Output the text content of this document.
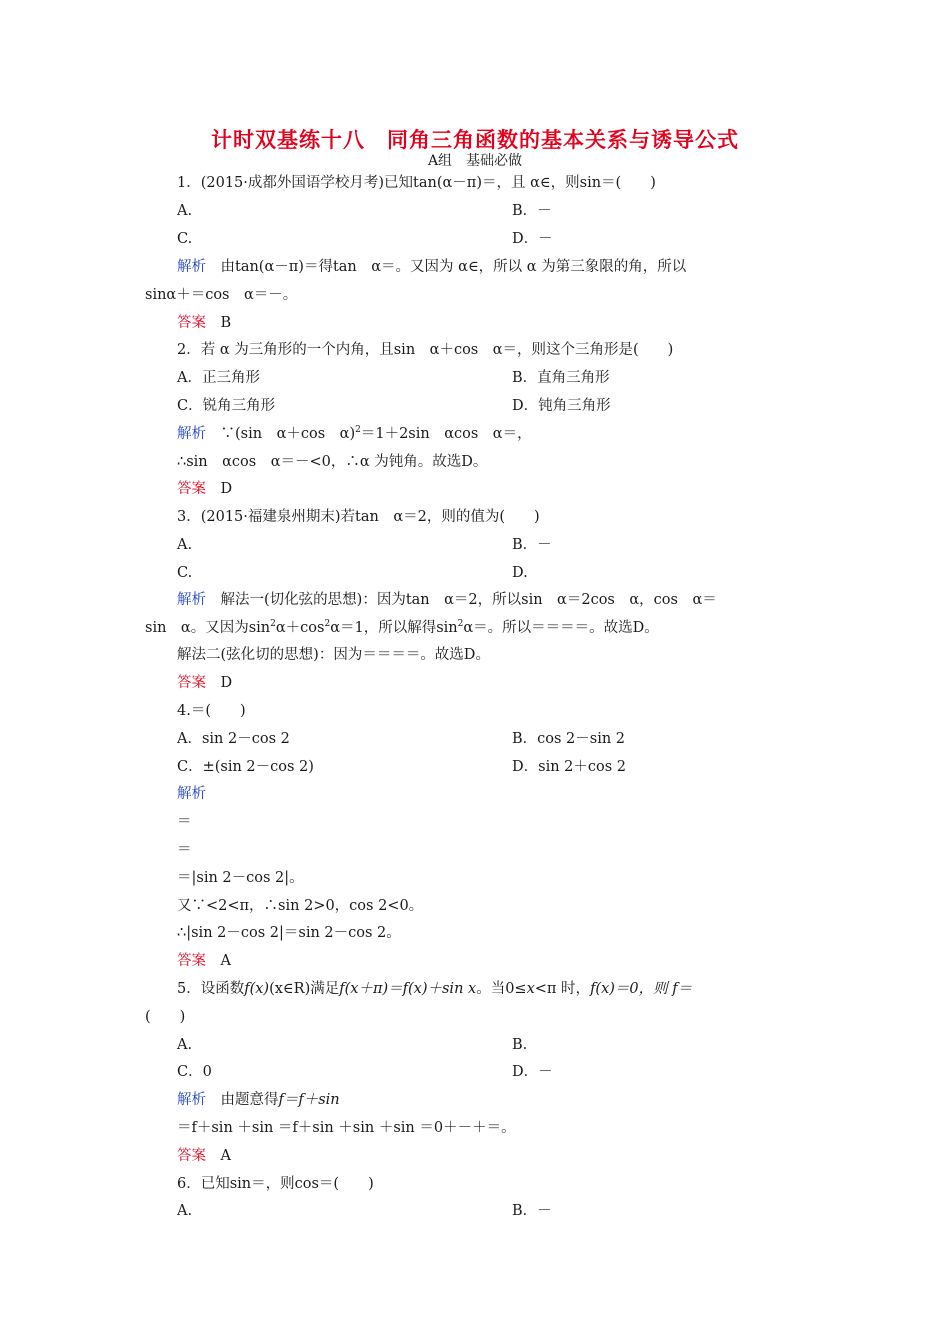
计时双基练十八　同角三角函数的基本关系与诱导公式
A组　基础必做
1．(2015·成都外国语学校月考)已知tan(α－π)＝，且 α∈，则sin＝(　　)
A.	B．－
C.	D．－
解析　由tan(α－π)＝得tan　α＝。又因为 α∈，所以 α 为第三象限的角，所以
sinα＋＝cos　α＝－。
答案　B
2．若 α 为三角形的一个内角，且sin　α＋cos　α＝，则这个三角形是(　　)
A．正三角形	B．直角三角形
C．锐角三角形	D．钝角三角形
解析　∵(sin　α＋cos　α)$^2$＝1＋2sin　αcos　α＝，
∴sin　αcos　α＝－<0，∴α 为钝角。故选D。
答案　D
3．(2015·福建泉州期末)若tan　α＝2，则的值为(　　)
A.	B．－
C.	D.
解析　解法一(切化弦的思想)：因为tan　α＝2，所以sin　α＝2cos　α，cos　α＝
sin　α。又因为$\sin^2\alpha+\cos^2\alpha=1$，所以解得$\sin^2\alpha=$。所以＝＝＝＝。故选D。
解法二(弦化切的思想)：因为＝＝＝＝。故选D。
答案　D
4.＝(　　)
A．sin 2－cos 2	B．cos 2－sin 2
C．±(sin 2－cos 2)	D．sin 2＋cos 2
解析
＝
＝
＝|sin 2－cos 2|。
又∵<2<π，∴sin 2>0，cos 2<0。
∴|sin 2－cos 2|＝sin 2－cos 2。
答案　A
5．设函数f(x)(x∈R)满足f(x＋π)＝f(x)＋sin x。当0≤x<π 时，f(x)＝0，则 f＝
(　　)
A.	B.
C．0	D．－
解析　由题意得f＝f＋sin
＝f＋sin ＋sin ＝f＋sin ＋sin ＋sin ＝0＋－＋＝。
答案　A
6．已知sin＝，则cos＝(　　)
A.	B．－
